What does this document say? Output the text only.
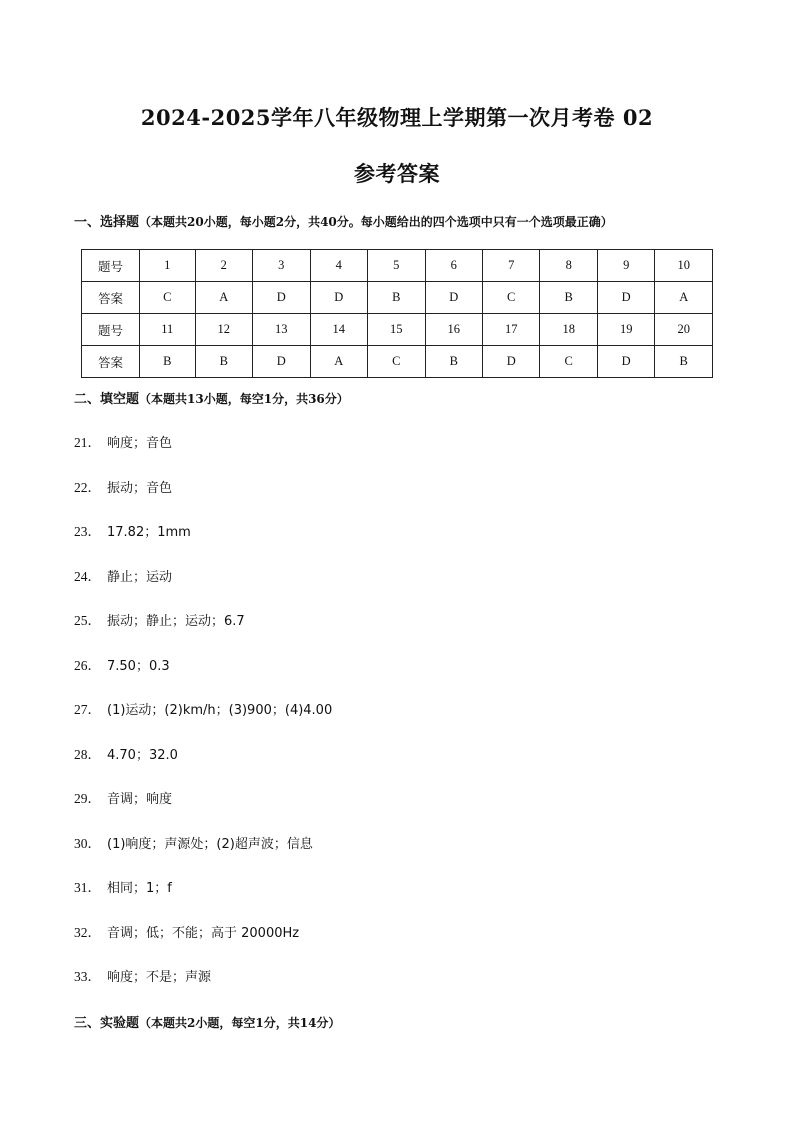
2024-2025学年八年级物理上学期第一次月考卷 02
参考答案
一、选择题（本题共20小题，每小题2分，共40分。每小题给出的四个选项中只有一个选项最正确）
题号	1	2	3	4	5	6	7	8	9	10
答案	C	A	D	D	B	D	C	B	D	A
题号	11	12	13	14	15	16	17	18	19	20
答案	B	B	D	A	C	B	D	C	D	B
二、填空题（本题共13小题，每空1分，共36分）
21． 响度；音色
22． 振动；音色
23． 17.82；1mm
24． 静止；运动
25． 振动；静止；运动；6.7
26． 7.50；0.3
27． (1)运动；(2)km/h；(3)900；(4)4.00
28． 4.70；32.0
29． 音调；响度
30． (1)响度；声源处；(2)超声波；信息
31． 相同；1；f
32． 音调；低；不能；高于 20000Hz
33． 响度；不是；声源
三、实验题（本题共2小题，每空1分，共14分）
